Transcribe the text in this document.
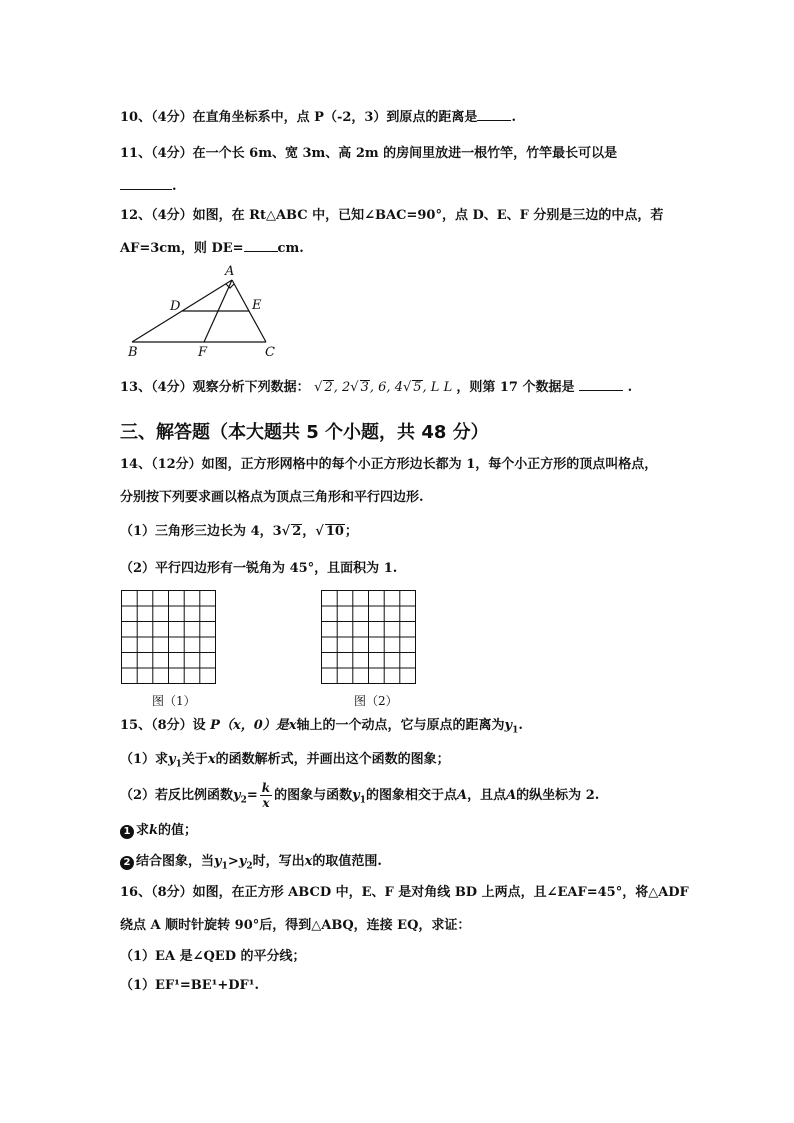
10、（4分）在直角坐标系中，点 P（-2，3）到原点的距离是	.
11、（4分）在一个长 6m、宽 3m、高 2m 的房间里放进一根竹竿，竹竿最长可以是
.
12、（4分）如图，在 Rt△ABC 中，已知∠BAC=90°，点 D、E、F 分别是三边的中点，若
AF=3cm，则 DE=	cm.
A
B	C
D	E
F
13、（4分）观察分析下列数据： √ 2, 2√ 3, 6, 4√ 5, L L ，则第 17 个数据是	.
三、解答题（本大题共 5 个小题，共 48 分）
14、（12分）如图，正方形网格中的每个小正方形边长都为 1，每个小正方形的顶点叫格点，
分别按下列要求画以格点为顶点三角形和平行四边形.
（1）三角形三边长为 4，3√ 2，√ 10；
（2）平行四边形有一锐角为 45°，且面积为 1.
图（1）	图（2）
15、（8分）设 P（x，0）是x轴上的一个动点，它与原点的距离为$y_1$.
（1）求$y_1$关于x的函数解析式，并画出这个函数的图象；
（2）若反比例函数$y_2= \frac{k}{x}$ 的图象与函数$y_1$的图象相交于点A，且点A的纵坐标为 2.
1 求k的值；
2 结合图象，当$y_1>y_2$时，写出x的取值范围.
16、（8分）如图，在正方形 ABCD 中，E、F 是对角线 BD 上两点，且∠EAF=45°，将△ADF
绕点 A 顺时针旋转 90°后，得到△ABQ，连接 EQ，求证：
（1）EA 是∠QED 的平分线；
（1）EF¹=BE¹+DF¹.
